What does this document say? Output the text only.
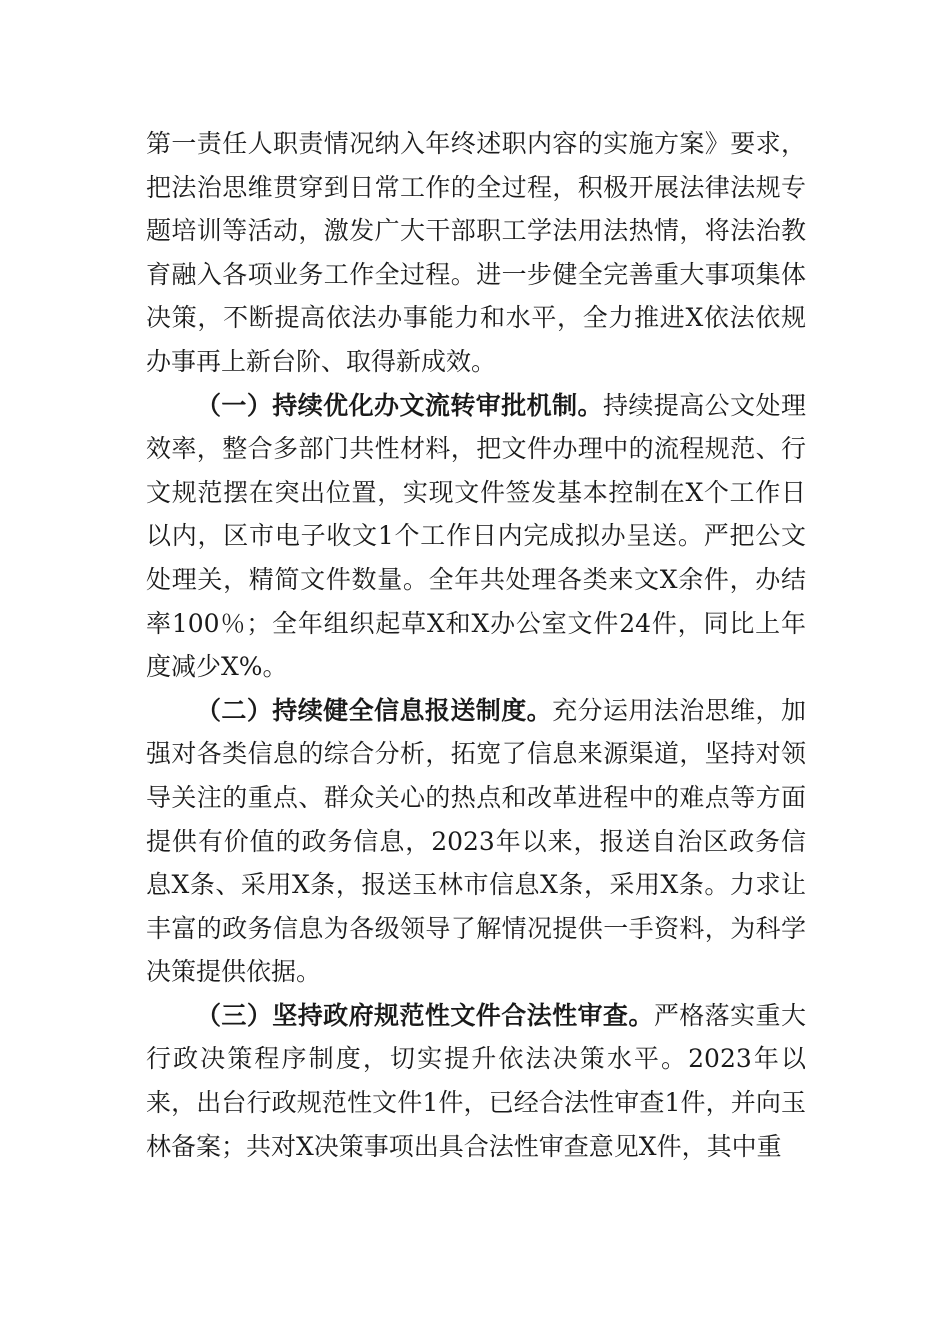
第一责任人职责情况纳入年终述职内容的实施方案》要求，把法治思维贯穿到日常工作的全过程，积极开展法律法规专题培训等活动，激发广大干部职工学法用法热情，将法治教育融入各项业务工作全过程。进一步健全完善重大事项集体决策，不断提高依法办事能力和水平，全力推进X依法依规办事再上新台阶、取得新成效。

（一）持续优化办文流转审批机制。持续提高公文处理效率，整合多部门共性材料，把文件办理中的流程规范、行文规范摆在突出位置，实现文件签发基本控制在X个工作日以内，区市电子收文1个工作日内完成拟办呈送。严把公文处理关，精简文件数量。全年共处理各类来文X余件，办结率100％；全年组织起草X和X办公室文件24件，同比上年度减少X%。

（二）持续健全信息报送制度。充分运用法治思维，加强对各类信息的综合分析，拓宽了信息来源渠道，坚持对领导关注的重点、群众关心的热点和改革进程中的难点等方面提供有价值的政务信息，2023年以来，报送自治区政务信息X条、采用X条，报送玉林市信息X条，采用X条。力求让丰富的政务信息为各级领导了解情况提供一手资料，为科学决策提供依据。

（三）坚持政府规范性文件合法性审查。严格落实重大行政决策程序制度，切实提升依法决策水平。2023年以来，出台行政规范性文件1件，已经合法性审查1件，并向玉林备案；共对X决策事项出具合法性审查意见X件，其中重
